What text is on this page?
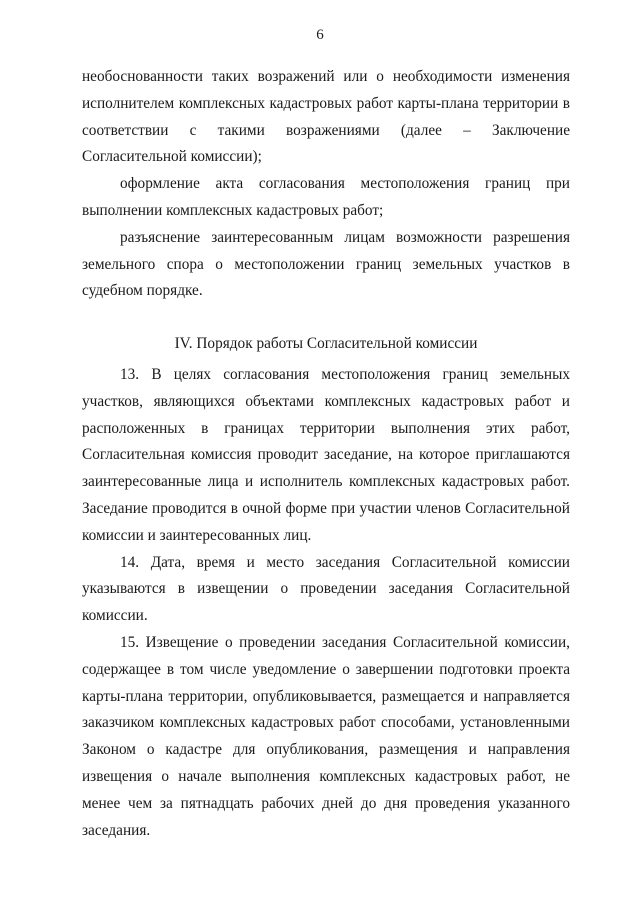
6

необоснованности таких возражений или о необходимости изменения исполнителем комплексных кадастровых работ карты-плана территории в соответствии с такими возражениями (далее – Заключение Согласительной комиссии);

оформление акта согласования местоположения границ при выполнении комплексных кадастровых работ;

разъяснение заинтересованным лицам возможности разрешения земельного спора о местоположении границ земельных участков в судебном порядке.

IV. Порядок работы Согласительной комиссии

13. В целях согласования местоположения границ земельных участков, являющихся объектами комплексных кадастровых работ и расположенных в границах территории выполнения этих работ, Согласительная комиссия проводит заседание, на которое приглашаются заинтересованные лица и исполнитель комплексных кадастровых работ. Заседание проводится в очной форме при участии членов Согласительной комиссии и заинтересованных лиц.

14. Дата, время и место заседания Согласительной комиссии указываются в извещении о проведении заседания Согласительной комиссии.

15. Извещение о проведении заседания Согласительной комиссии, содержащее в том числе уведомление о завершении подготовки проекта карты-плана территории, опубликовывается, размещается и направляется заказчиком комплексных кадастровых работ способами, установленными Законом о кадастре для опубликования, размещения и направления извещения о начале выполнения комплексных кадастровых работ, не менее чем за пятнадцать рабочих дней до дня проведения указанного заседания.
